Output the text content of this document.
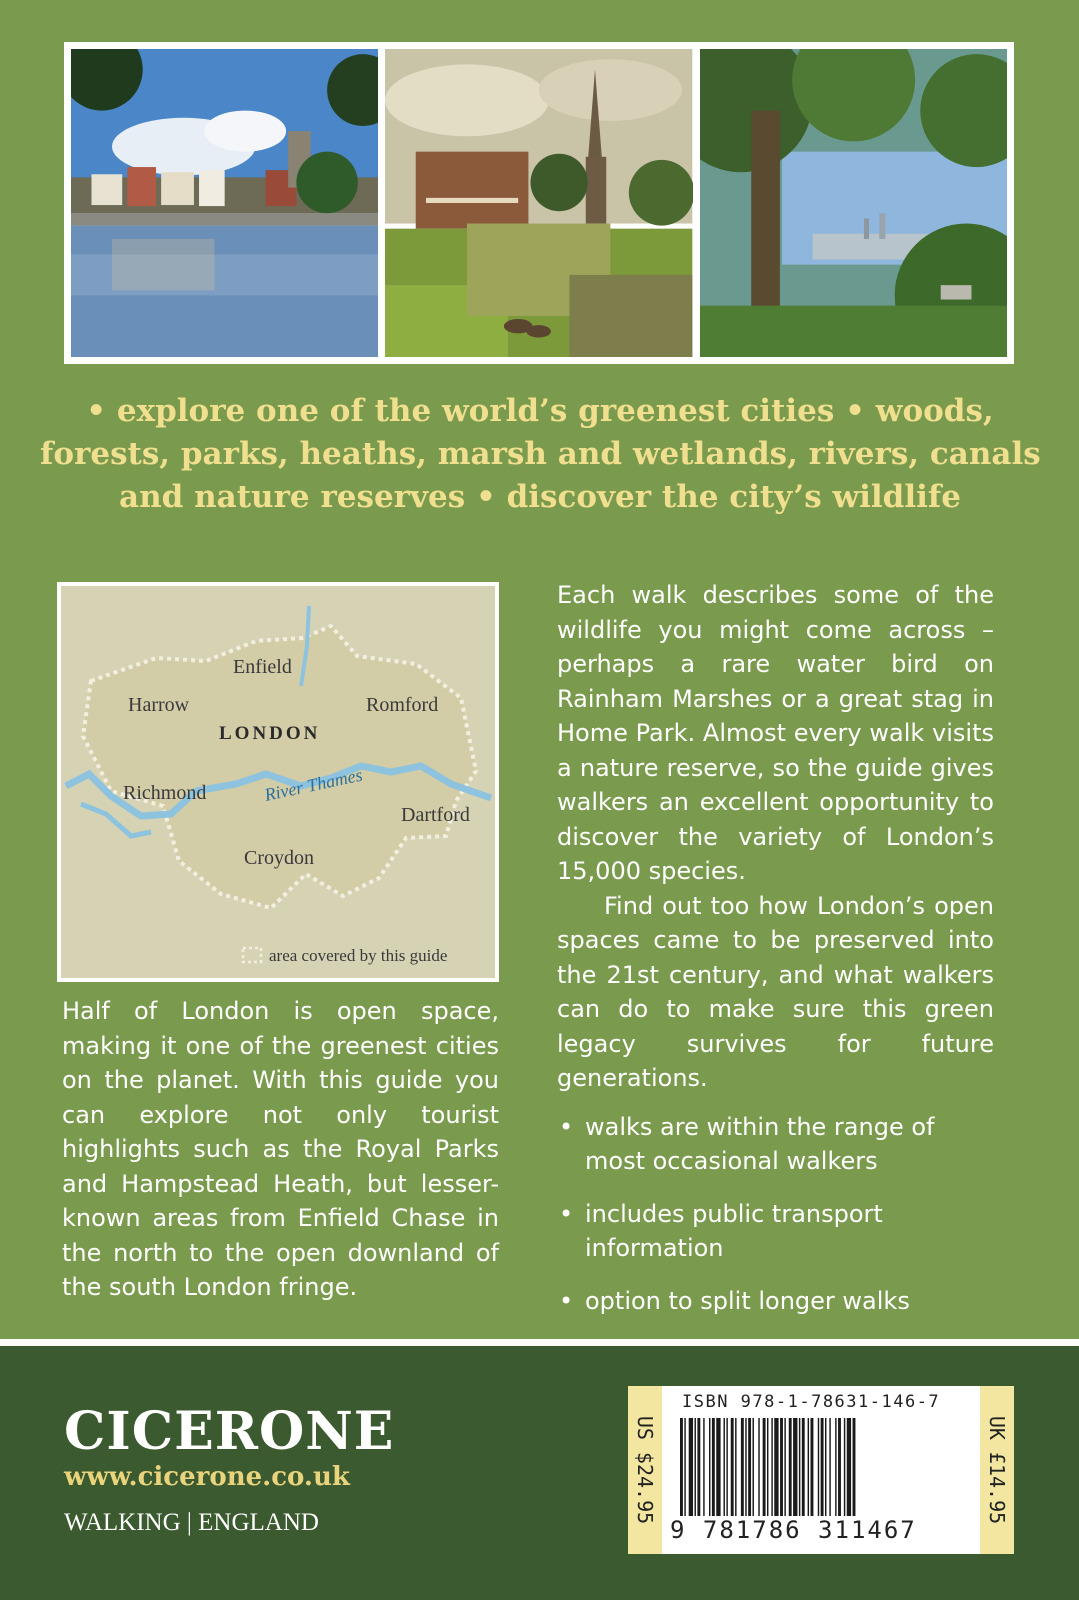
• explore one of the world’s greenest cities • woods,
forests, parks, heaths, marsh and wetlands, rivers, canals
and nature reserves • discover the city’s wildlife
Enfield
Harrow	Romford
LONDON
Richmond
Dartford
Croydon
River Thames
area covered by this guide
Half of London is open space, making it one of the greenest cities on the planet. With this guide you can explore not only tourist highlights such as the Royal Parks and Hampstead Heath, but lesser-known areas from Enfield Chase in the north to the open downland of the south London fringe.

Each walk describes some of the wildlife you might come across – perhaps a rare water bird on Rainham Marshes or a great stag in Home Park. Almost every walk visits a nature reserve, so the guide gives walkers an excellent opportunity to discover the variety of London’s 15,000 species.

Find out too how London’s open spaces came to be preserved into the 21st century, and what walkers can do to make sure this green legacy survives for future generations.

• walks are within the range of most occasional walkers
• includes public transport information
• option to split longer walks
CICERONE
www.cicerone.co.uk
WALKING | ENGLAND	US $24.95
ISBN 978-1-78631-146-7
9 781786 311467
UK £14.95
